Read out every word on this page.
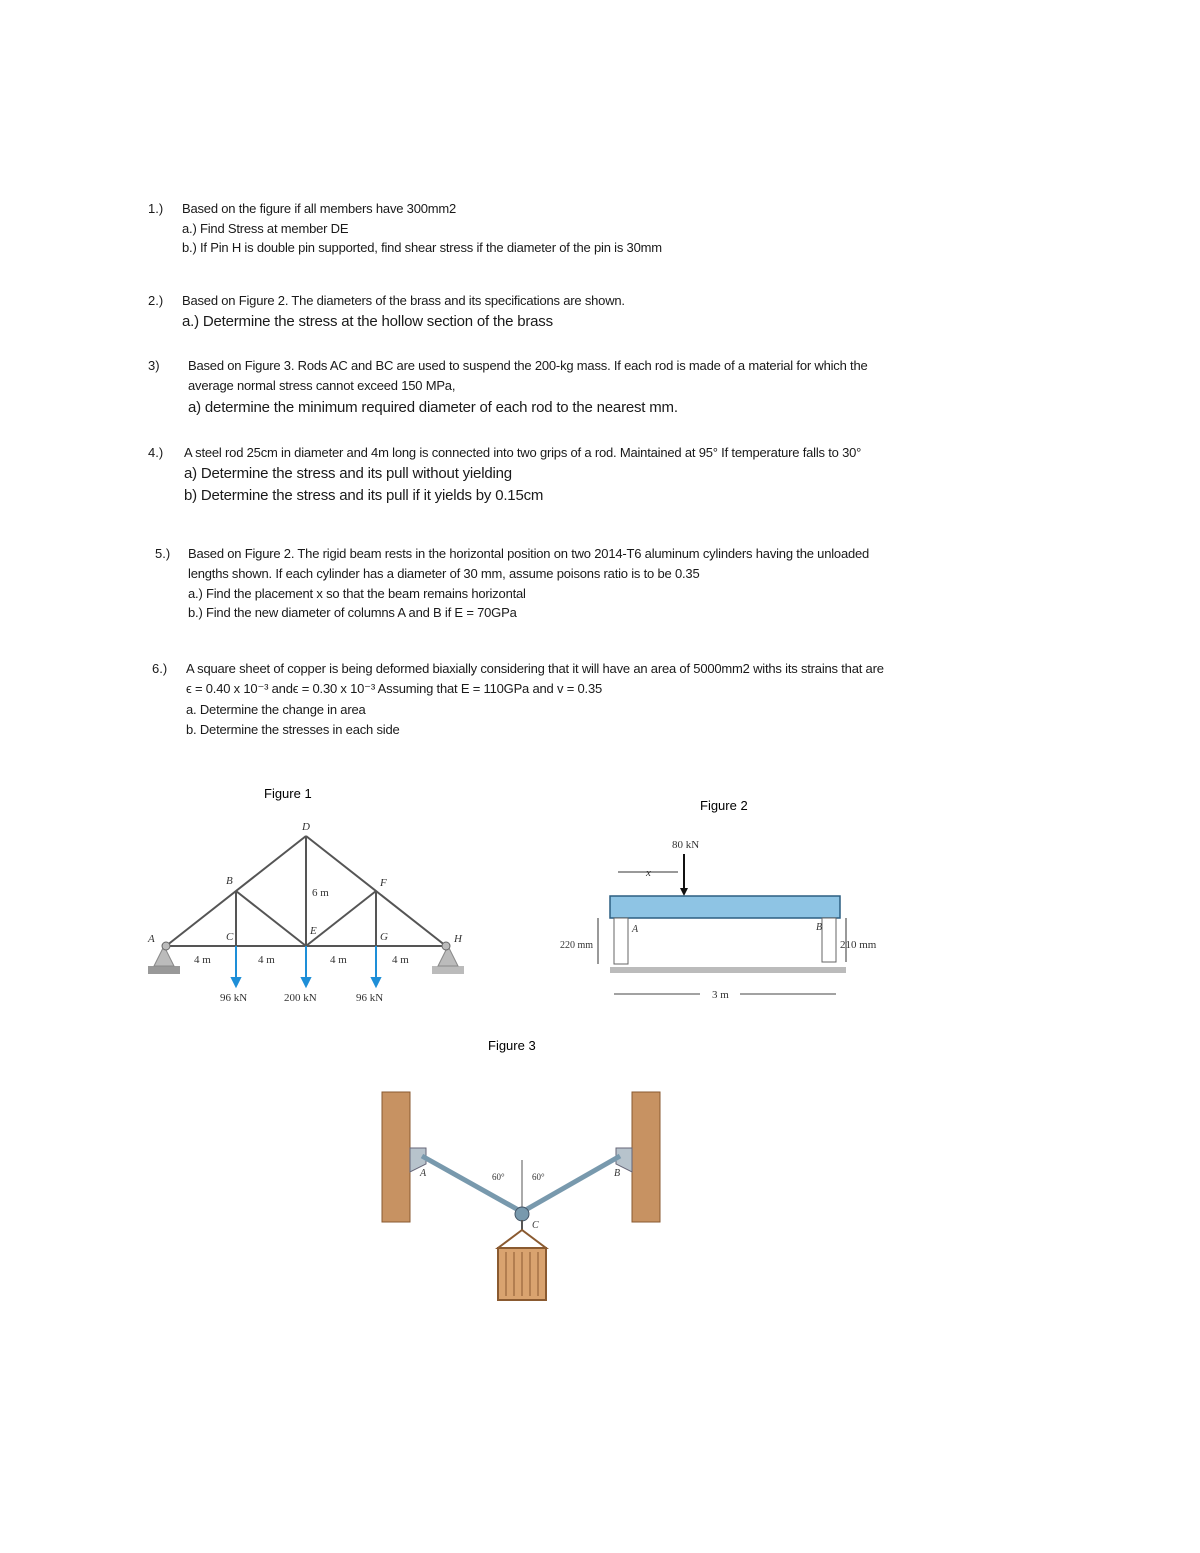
1.) Based on the figure if all members have 300mm2
a.) Find Stress at member DE
b.) If Pin H is double pin supported, find shear stress if the diameter of the pin is 30mm
2.) Based on Figure 2. The diameters of the brass and its specifications are shown.
a.) Determine the stress at the hollow section of the brass
3) Based on Figure 3. Rods AC and BC are used to suspend the 200-kg mass. If each rod is made of a material for which the
average normal stress cannot exceed 150 MPa,
a) determine the minimum required diameter of each rod to the nearest mm.
4.) A steel rod 25cm in diameter and 4m long is connected into two grips of a rod. Maintained at 95° If temperature falls to 30°
a) Determine the stress and its pull without yielding
b) Determine the stress and its pull if it yields by 0.15cm
5.) Based on Figure 2. The rigid beam rests in the horizontal position on two 2014-T6 aluminum cylinders having the unloaded
lengths shown. If each cylinder has a diameter of 30 mm, assume poisons ratio is to be 0.35
a.) Find the placement x so that the beam remains horizontal
b.) Find the new diameter of columns A and B if E = 70GPa
6.) A square sheet of copper is being deformed biaxially considering that it will have an area of 5000mm2 withs its strains that are
ϵ = 0.40 x 10⁻³ andϵ = 0.30 x 10⁻³ Assuming that E = 110GPa and v = 0.35
a. Determine the change in area
b. Determine the stresses in each side
Figure 1
A
B
C
D
E
F
G	H
6 m
4 m	4 m	4 m	4 m
96 kN	200 kN	96 kN
Figure 2
80 kN
x
A	B
220 mm	210 mm
3 m
Figure 3
60°	60°
A	B
C
